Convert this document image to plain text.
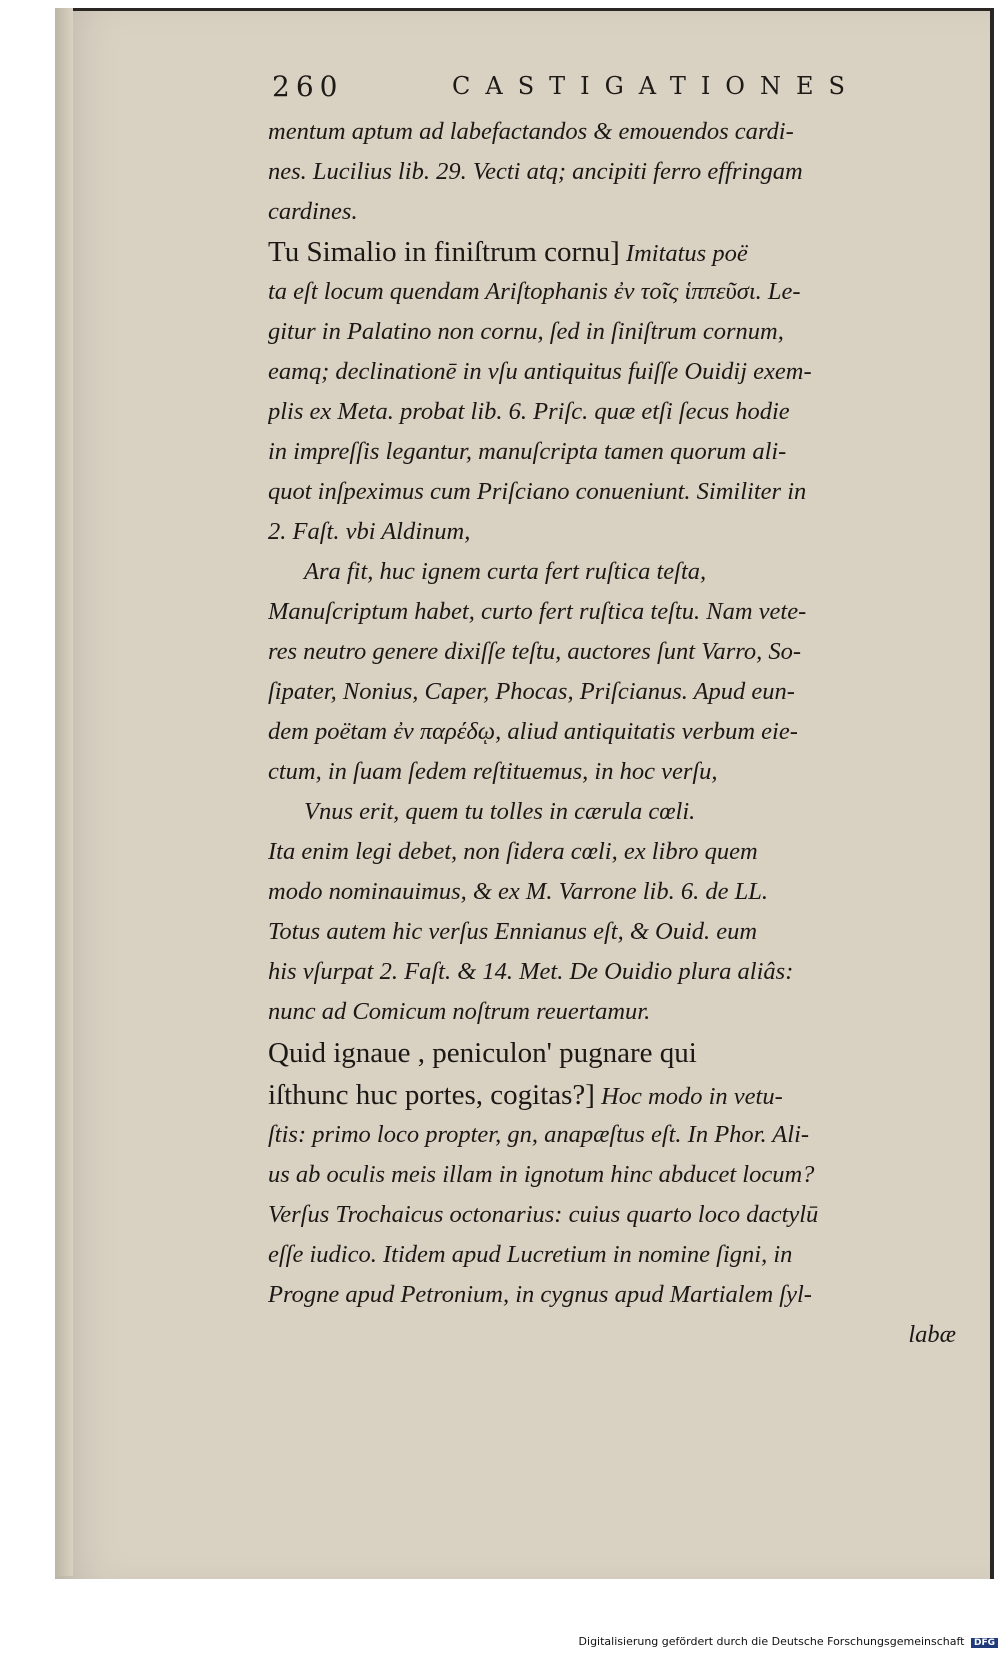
260	CASTIGATIONES
mentum aptum ad labefactandos & emouendos cardi-
nes. Lucilius lib. 29. Vecti atq; ancipiti ferro effringam
cardines.
Tu Simalio in finiſtrum cornu] Imitatus poë
ta eſt locum quendam Ariſtophanis ἐν τοῖς ἱππεῦσι. Le-
gitur in Palatino non cornu, ſed in ſiniſtrum cornum,
eamq; declinationē in vſu antiquitus fuiſſe Ouidij exem-
plis ex Meta. probat lib. 6. Priſc. quæ etſi ſecus hodie
in impreſſis legantur, manuſcripta tamen quorum ali-
quot inſpeximus cum Priſciano conueniunt. Similiter in
2. Faſt. vbi Aldinum,
Ara fit, huc ignem curta fert ruſtica teſta,
Manuſcriptum habet, curto fert ruſtica teſtu. Nam vete-
res neutro genere dixiſſe teſtu, auctores ſunt Varro, So-
ſipater, Nonius, Caper, Phocas, Priſcianus. Apud eun-
dem poëtam ἐν παρέδῳ, aliud antiquitatis verbum eie-
ctum, in ſuam ſedem reſtituemus, in hoc verſu,
Vnus erit, quem tu tolles in cærula cœli.
Ita enim legi debet, non ſidera cœli, ex libro quem
modo nominauimus, & ex M. Varrone lib. 6. de LL.
Totus autem hic verſus Ennianus eſt, & Ouid. eum
his vſurpat 2. Faſt. & 14. Met. De Ouidio plura aliâs:
nunc ad Comicum noſtrum reuertamur.
Quid ignaue , peniculon' pugnare qui
iſthunc huc portes, cogitas?] Hoc modo in vetu-
ſtis: primo loco propter, gn, anapæſtus eſt. In Phor. Ali-
us ab oculis meis illam in ignotum hinc abducet locum?
Verſus Trochaicus octonarius: cuius quarto loco dactylū
eſſe iudico. Itidem apud Lucretium in nomine ſigni, in
Progne apud Petronium, in cygnus apud Martialem ſyl-
labæ
Digitalisierung gefördert durch die Deutsche Forschungsgemeinschaft DFG
